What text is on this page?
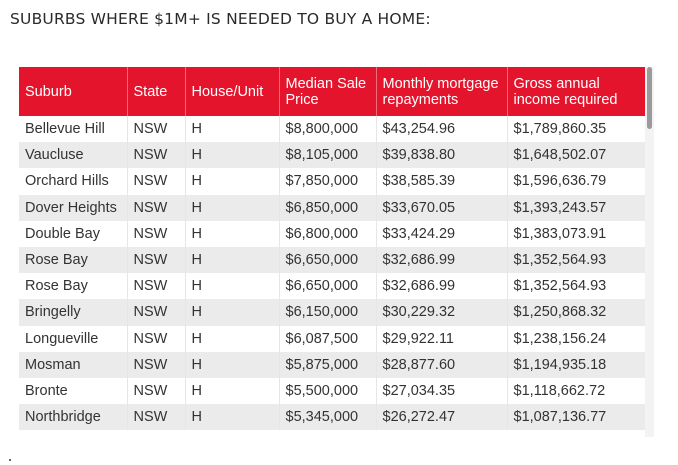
SUBURBS WHERE $1M+ IS NEEDED TO BUY A HOME:
Suburb	State	House/Unit	Median Sale Price	Monthly mortgage repayments	Gross annual income required
Bellevue Hill	NSW	H	$8,800,000	$43,254.96	$1,789,860.35
Vaucluse	NSW	H	$8,105,000	$39,838.80	$1,648,502.07
Orchard Hills	NSW	H	$7,850,000	$38,585.39	$1,596,636.79
Dover Heights	NSW	H	$6,850,000	$33,670.05	$1,393,243.57
Double Bay	NSW	H	$6,800,000	$33,424.29	$1,383,073.91
Rose Bay	NSW	H	$6,650,000	$32,686.99	$1,352,564.93
Rose Bay	NSW	H	$6,650,000	$32,686.99	$1,352,564.93
Bringelly	NSW	H	$6,150,000	$30,229.32	$1,250,868.32
Longueville	NSW	H	$6,087,500	$29,922.11	$1,238,156.24
Mosman	NSW	H	$5,875,000	$28,877.60	$1,194,935.18
Bronte	NSW	H	$5,500,000	$27,034.35	$1,118,662.72
Northbridge	NSW	H	$5,345,000	$26,272.47	$1,087,136.77
